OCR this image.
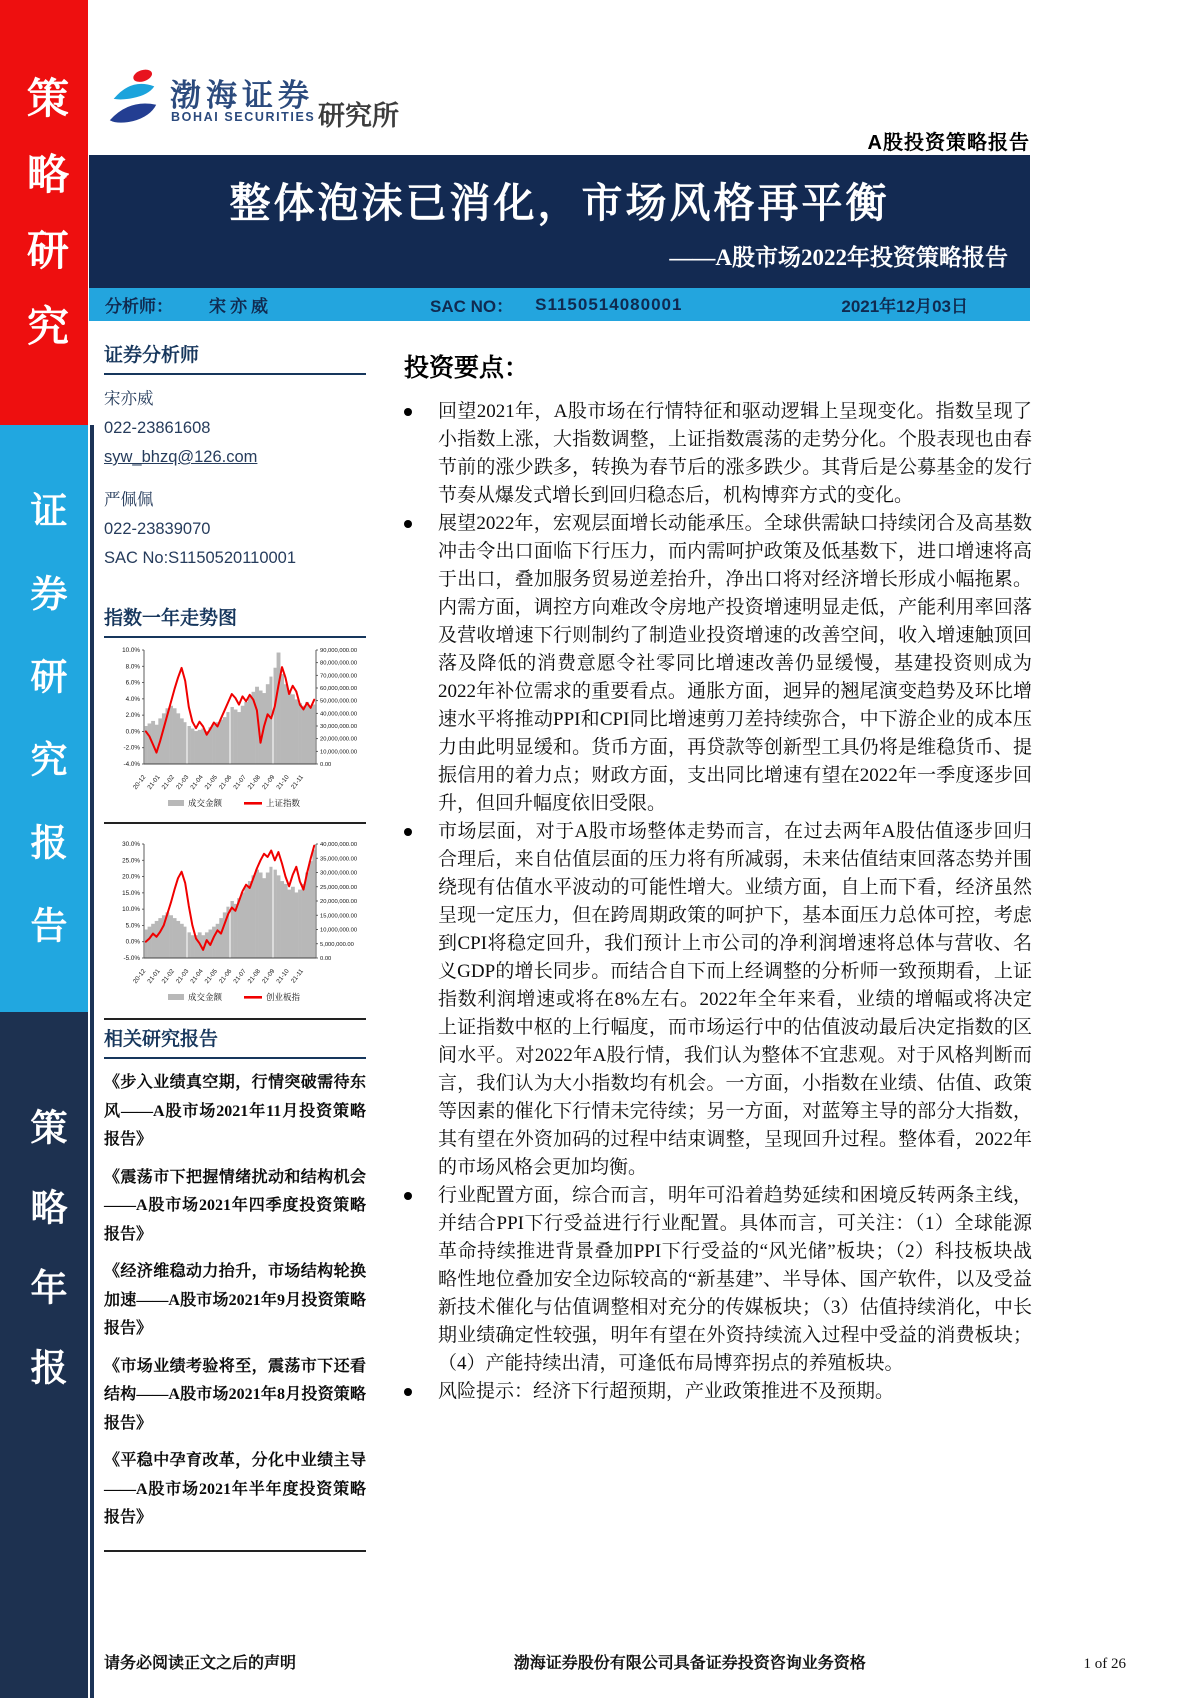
策略研究
证券研究报告
策略年报
渤海证券
BOHAI SECURITIES 研究所
A股投资策略报告
整体泡沫已消化，市场风格再平衡
——A股市场2022年投资策略报告
分析师： 宋亦威	SAC NO： S1150514080001	2021年12月03日
证券分析师
宋亦威
022-23861608
syw_bhzq@126.com
严佩佩
022-23839070
SAC No:S1150520110001
指数一年走势图
10.0%
8.0%
6.0%
4.0%
2.0%
0.0%
-2.0%
-4.0%
90,000,000.00
80,000,000.00
70,000,000.00
60,000,000.00
50,000,000.00
40,000,000.00
30,000,000.00
20,000,000.00
10,000,000.00
0.00
20-12
21-01
21-02
21-03
21-04
21-05
21-06
21-07
21-08
21-09
21-10 21-11
成交金额	上证指数
30.0%
25.0%
20.0%
15.0%
10.0%
5.0%
0.0%
-5.0%
40,000,000.00
35,000,000.00
30,000,000.00
25,000,000.00
20,000,000.00
15,000,000.00
10,000,000.00
5,000,000.00
0.00
20-12
21-01
21-02
21-03
21-04
21-05
21-06
21-07
21-08
21-09
21-10 21-11
成交金额	创业板指
相关研究报告
《步入业绩真空期，行情突破需待东风——A股市场2021年11月投资策略报告》
《震荡市下把握情绪扰动和结构机会——A股市场2021年四季度投资策略报告》
《经济维稳动力抬升，市场结构轮换加速——A股市场2021年9月投资策略报告》
《市场业绩考验将至，震荡市下还看结构——A股市场2021年8月投资策略报告》
《平稳中孕育改革，分化中业绩主导——A股市场2021年半年度投资策略报告》
投资要点：
回望2021年，A股市场在行情特征和驱动逻辑上呈现变化。指数呈现了小指数上涨，大指数调整，上证指数震荡的走势分化。个股表现也由春节前的涨少跌多，转换为春节后的涨多跌少。其背后是公募基金的发行节奏从爆发式增长到回归稳态后，机构博弈方式的变化。
展望2022年，宏观层面增长动能承压。全球供需缺口持续闭合及高基数冲击令出口面临下行压力，而内需呵护政策及低基数下，进口增速将高于出口，叠加服务贸易逆差抬升，净出口将对经济增长形成小幅拖累。内需方面，调控方向难改令房地产投资增速明显走低，产能利用率回落及营收增速下行则制约了制造业投资增速的改善空间，收入增速触顶回落及降低的消费意愿令社零同比增速改善仍显缓慢，基建投资则成为2022年补位需求的重要看点。通胀方面，迥异的翘尾演变趋势及环比增速水平将推动PPI和CPI同比增速剪刀差持续弥合，中下游企业的成本压力由此明显缓和。货币方面，再贷款等创新型工具仍将是维稳货币、提振信用的着力点；财政方面，支出同比增速有望在2022年一季度逐步回升，但回升幅度依旧受限。
市场层面，对于A股市场整体走势而言，在过去两年A股估值逐步回归合理后，来自估值层面的压力将有所减弱，未来估值结束回落态势并围绕现有估值水平波动的可能性增大。业绩方面，自上而下看，经济虽然呈现一定压力，但在跨周期政策的呵护下，基本面压力总体可控，考虑到CPI将稳定回升，我们预计上市公司的净利润增速将总体与营收、名义GDP的增长同步。而结合自下而上经调整的分析师一致预期看，上证指数利润增速或将在8%左右。2022年全年来看，业绩的增幅或将决定上证指数中枢的上行幅度，而市场运行中的估值波动最后决定指数的区间水平。对2022年A股行情，我们认为整体不宜悲观。对于风格判断而言，我们认为大小指数均有机会。一方面，小指数在业绩、估值、政策等因素的催化下行情未完待续；另一方面，对蓝筹主导的部分大指数，其有望在外资加码的过程中结束调整，呈现回升过程。整体看，2022年的市场风格会更加均衡。
行业配置方面，综合而言，明年可沿着趋势延续和困境反转两条主线，并结合PPI下行受益进行行业配置。具体而言，可关注：（1）全球能源革命持续推进背景叠加PPI下行受益的“风光储”板块；（2）科技板块战略性地位叠加安全边际较高的“新基建”、半导体、国产软件，以及受益新技术催化与估值调整相对充分的传媒板块；（3）估值持续消化，中长期业绩确定性较强，明年有望在外资持续流入过程中受益的消费板块；（4）产能持续出清，可逢低布局博弈拐点的养殖板块。
风险提示：经济下行超预期，产业政策推进不及预期。
请务必阅读正文之后的声明	渤海证券股份有限公司具备证券投资咨询业务资格	1 of 26
